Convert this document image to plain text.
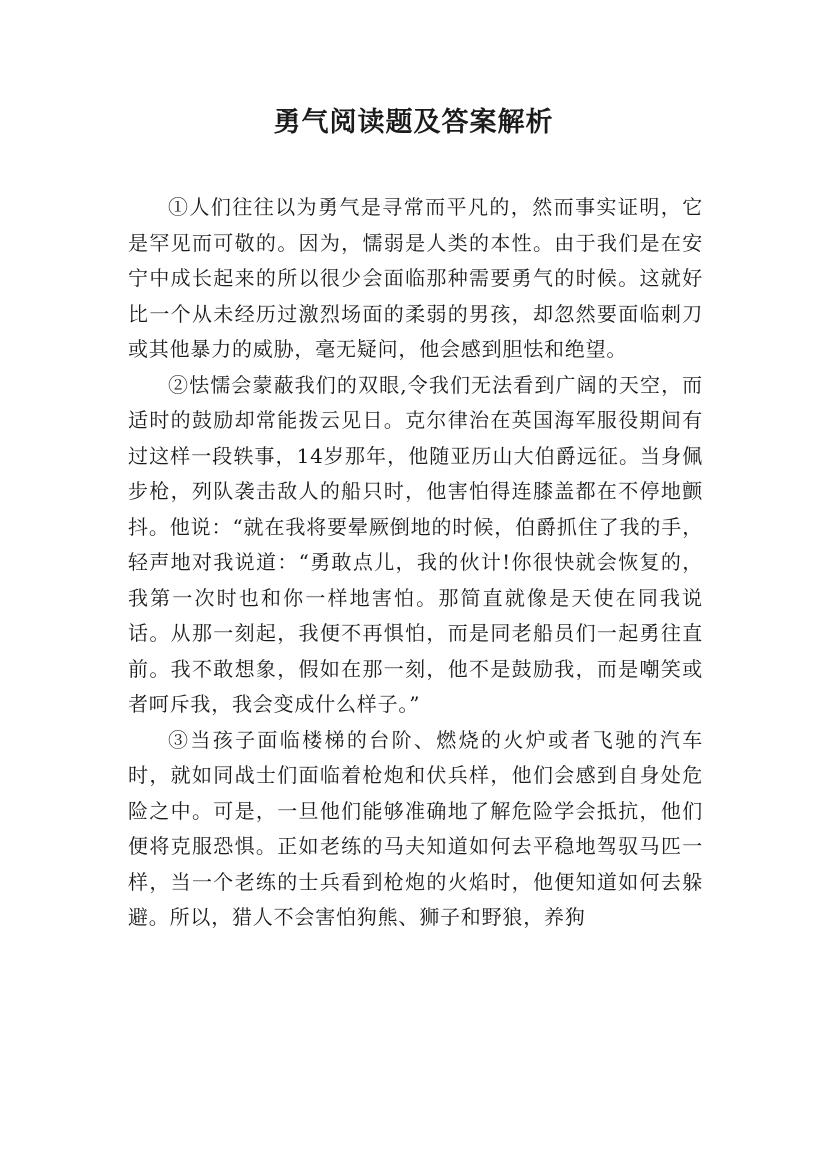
勇气阅读题及答案解析

①人们往往以为勇气是寻常而平凡的，然而事实证明，它是罕见而可敬的。因为，懦弱是人类的本性。由于我们是在安宁中成长起来的所以很少会面临那种需要勇气的时候。这就好比一个从未经历过激烈场面的柔弱的男孩，却忽然要面临刺刀或其他暴力的威胁，毫无疑问，他会感到胆怯和绝望。

②怯懦会蒙蔽我们的双眼,令我们无法看到广阔的天空，而适时的鼓励却常能拨云见日。克尔律治在英国海军服役期间有过这样一段轶事，14岁那年，他随亚历山大伯爵远征。当身佩步枪，列队袭击敌人的船只时，他害怕得连膝盖都在不停地颤抖。他说：“就在我将要晕厥倒地的时候，伯爵抓住了我的手，轻声地对我说道：“勇敢点儿，我的伙计!你很快就会恢复的，我第一次时也和你一样地害怕。那简直就像是天使在同我说话。从那一刻起，我便不再惧怕，而是同老船员们一起勇往直前。我不敢想象，假如在那一刻，他不是鼓励我，而是嘲笑或者呵斥我，我会变成什么样子。”

③当孩子面临楼梯的台阶、燃烧的火炉或者飞驰的汽车时，就如同战士们面临着枪炮和伏兵样，他们会感到自身处危险之中。可是，一旦他们能够准确地了解危险学会抵抗，他们便将克服恐惧。正如老练的马夫知道如何去平稳地驾驭马匹一样，当一个老练的士兵看到枪炮的火焰时，他便知道如何去躲避。所以，猎人不会害怕狗熊、狮子和野狼，养狗
